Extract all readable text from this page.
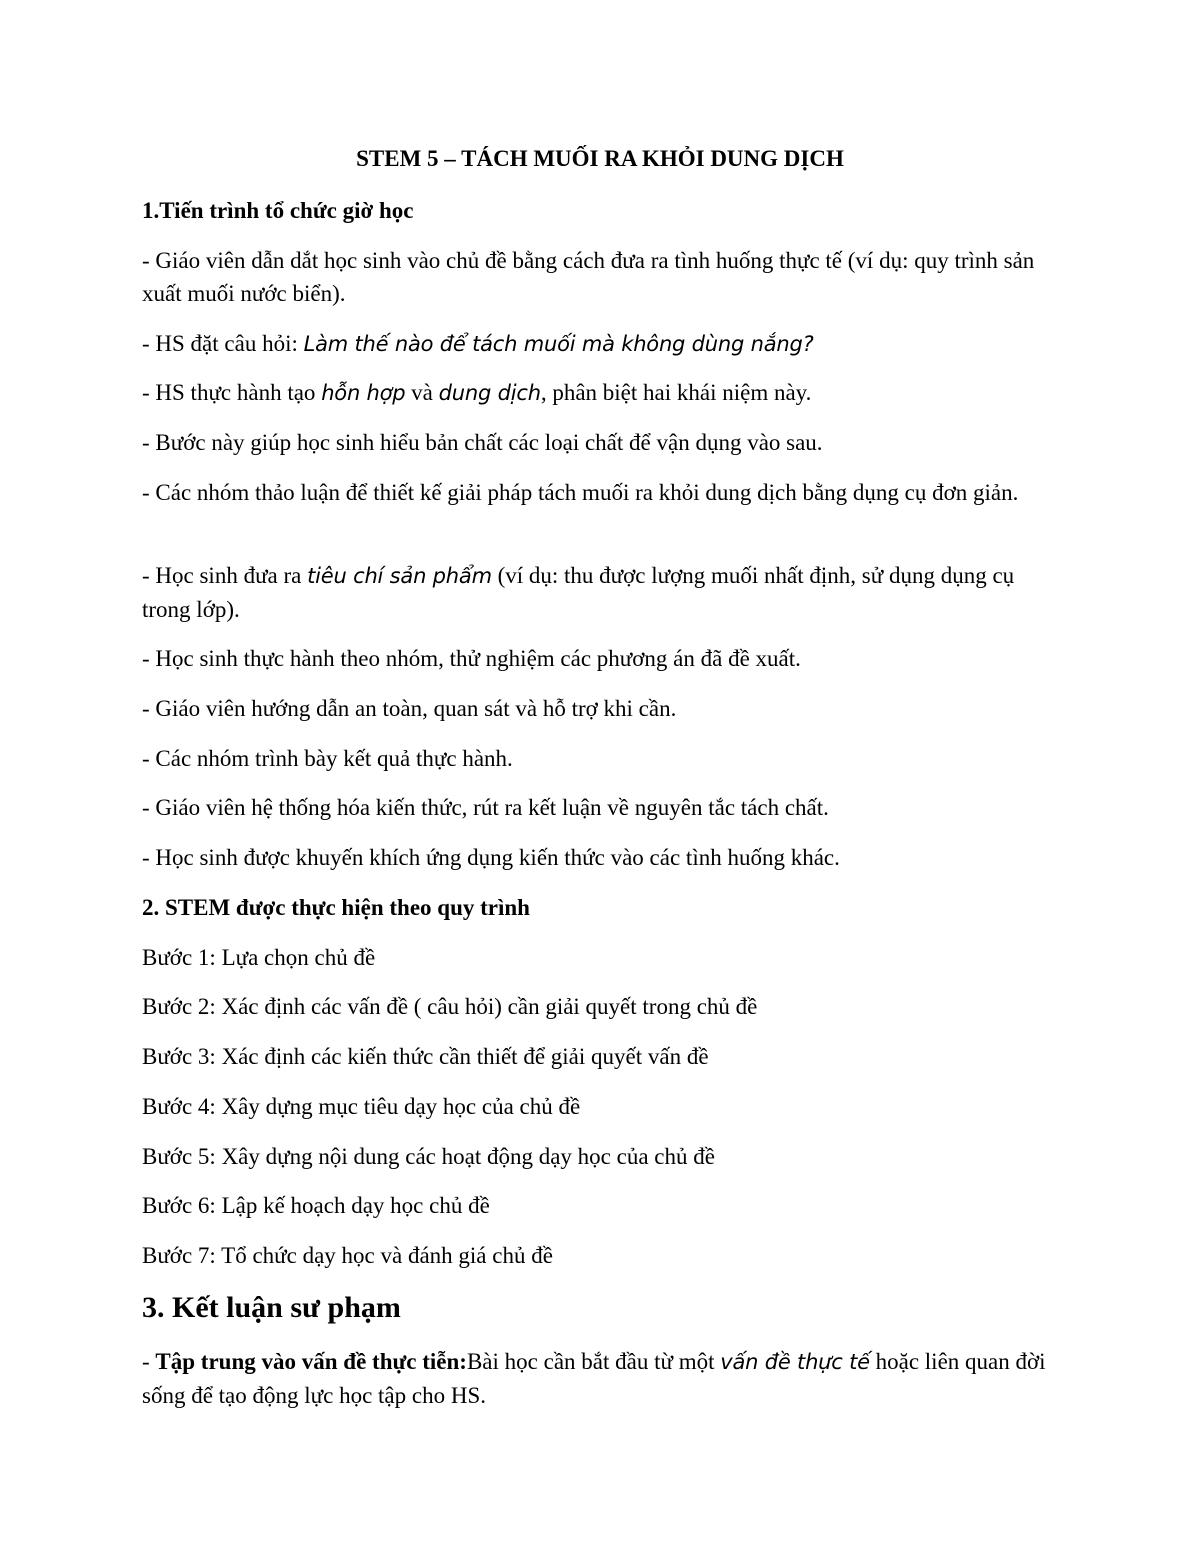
STEM 5 – TÁCH MUỐI RA KHỎI DUNG DỊCH

1.Tiến trình tổ chức giờ học

- Giáo viên dẫn dắt học sinh vào chủ đề bằng cách đưa ra tình huống thực tế (ví dụ: quy trình sản xuất muối nước biển).

- HS đặt câu hỏi: Làm thế nào để tách muối mà không dùng nắng?

- HS thực hành tạo hỗn hợp và dung dịch, phân biệt hai khái niệm này.

- Bước này giúp học sinh hiểu bản chất các loại chất để vận dụng vào sau.

- Các nhóm thảo luận để thiết kế giải pháp tách muối ra khỏi dung dịch bằng dụng cụ đơn giản.

- Học sinh đưa ra tiêu chí sản phẩm (ví dụ: thu được lượng muối nhất định, sử dụng dụng cụ trong lớp).

- Học sinh thực hành theo nhóm, thử nghiệm các phương án đã đề xuất.

- Giáo viên hướng dẫn an toàn, quan sát và hỗ trợ khi cần.

- Các nhóm trình bày kết quả thực hành.

- Giáo viên hệ thống hóa kiến thức, rút ra kết luận về nguyên tắc tách chất.

- Học sinh được khuyến khích ứng dụng kiến thức vào các tình huống khác.

2. STEM được thực hiện theo quy trình

Bước 1: Lựa chọn chủ đề

Bước 2: Xác định các vấn đề ( câu hỏi) cần giải quyết trong chủ đề

Bước 3: Xác định các kiến thức cần thiết để giải quyết vấn đề

Bước 4: Xây dựng mục tiêu dạy học của chủ đề

Bước 5: Xây dựng nội dung các hoạt động dạy học của chủ đề

Bước 6: Lập kế hoạch dạy học chủ đề

Bước 7: Tổ chức dạy học và đánh giá chủ đề

3. Kết luận sư phạm

- Tập trung vào vấn đề thực tiễn:Bài học cần bắt đầu từ một vấn đề thực tế hoặc liên quan đời sống để tạo động lực học tập cho HS.
